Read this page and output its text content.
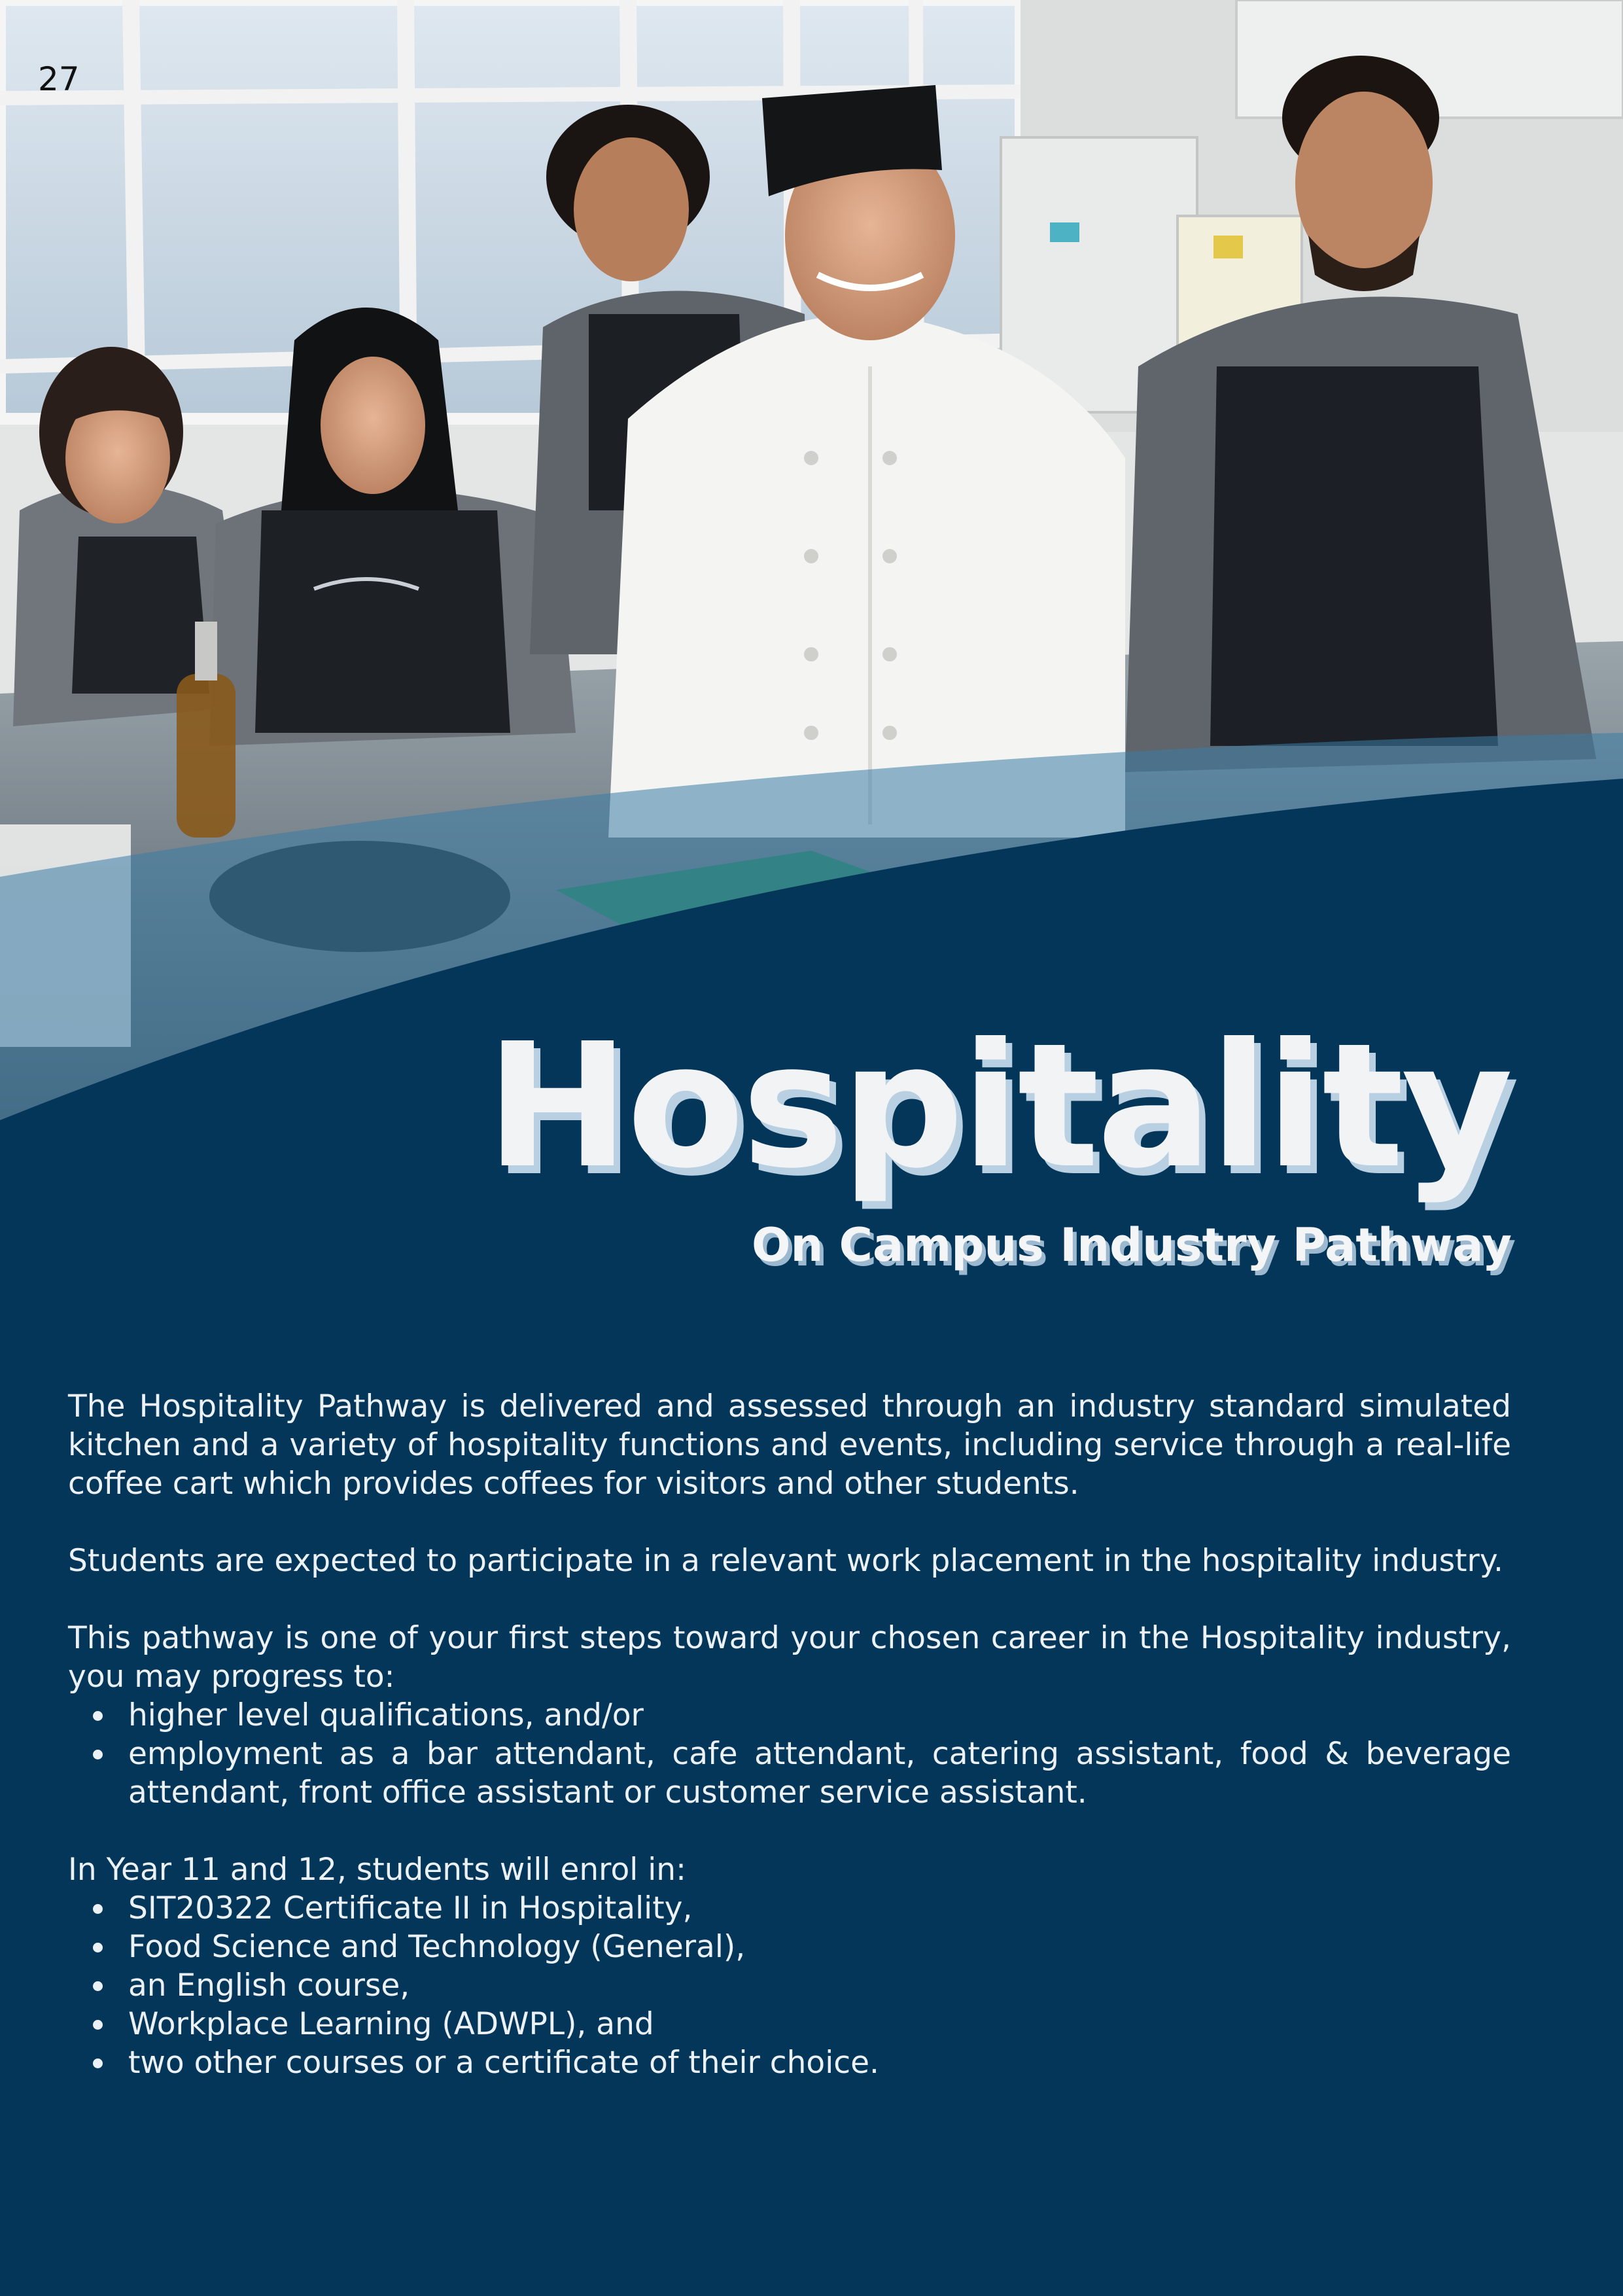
27
Hospitality
On Campus Industry Pathway

The Hospitality Pathway is delivered and assessed through an industry standard simulated kitchen and a variety of hospitality functions and events, including service through a real-life coffee cart which provides coffees for visitors and other students.

Students are expected to participate in a relevant work placement in the hospitality industry.

This pathway is one of your first steps toward your chosen career in the Hospitality industry, you may progress to:

higher level qualifications, and/or
employment as a bar attendant, cafe attendant, catering assistant, food & beverage attendant, front office assistant or customer service assistant.

In Year 11 and 12, students will enrol in:

SIT20322 Certificate II in Hospitality,
Food Science and Technology (General),
an English course,
Workplace Learning (ADWPL), and
two other courses or a certificate of their choice.
